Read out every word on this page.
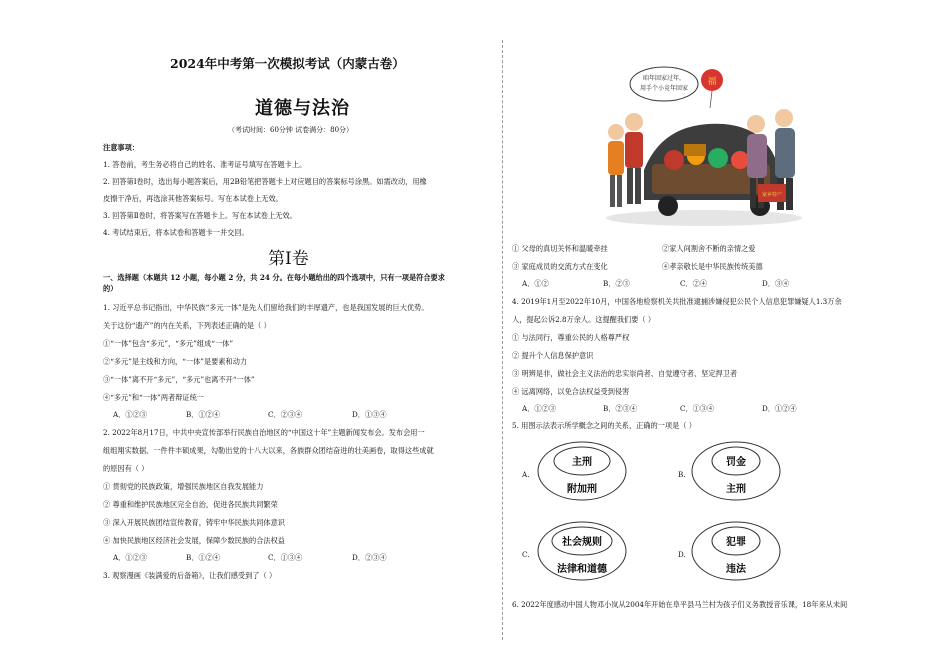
2024年中考第一次模拟考试（内蒙古卷）
道德与法治
（考试时间：60分钟 试卷满分：80分）
注意事项：
1. 答卷前，考生务必将自己的姓名、准考证号填写在答题卡上。
2. 回答第Ⅰ卷时，选出每小题答案后，用2B铅笔把答题卡上对应题目的答案标号涂黑。如需改动，用橡
皮擦干净后，再选涂其他答案标号。写在本试卷上无效。
3. 回答第Ⅱ卷时，将答案写在答题卡上。写在本试卷上无效。
4. 考试结束后，将本试卷和答题卡一并交回。
第Ⅰ卷
一、选择题（本题共 12 小题，每小题 2 分，共 24 分。在每小题给出的四个选项中，只有一项是符合要求
的）
1. 习近平总书记指出，中华民族“多元一体”是先人们留给我们的丰厚遗产，也是我国发展的巨大优势。
关于这份“遗产”的内在关系，下列表述正确的是（ ）
①“一体”包含“多元”，“多元”组成“一体”
②“多元”是主线和方向，“一体”是要素和动力
③“一体”离不开“多元”，“多元”也离不开“一体”
④“多元”和“一体”两者辩证统一
A．①②③	B．①②④	C．②③④	D．①③④
2. 2022年8月17日，中共中央宣传部举行民族自治地区的“中国这十年”主题新闻发布会。发布会用一
组组翔实数据、一件件丰硕成果，勾勒出党的十八大以来，各族群众团结奋进的壮美画卷，取得这些成就
的原因有（ ）
① 贯彻党的民族政策，增强民族地区自我发展能力
② 尊重和维护民族地区完全自治，促进各民族共同繁荣
③ 深入开展民族团结宣传教育，铸牢中华民族共同体意识
④ 加快民族地区经济社会发展，保障少数民族的合法权益
A．①②③	B．①②④	C．①③④	D．②③④
3. 观察漫画《装满爱的后备箱》，让我们感受到了（ ）
咱年回家过年，
用手个小竞年回家
福
家乡特产
① 父母的真切关怀和温暖牵挂	②家人间割舍不断的亲情之爱
③ 家庭成员的交流方式在变化	④孝亲敬长是中华民族传统美德
A．①②	B．②③	C．②④	D．③④
4. 2019年1月至2022年10月，中国各地检察机关共批准逮捕涉嫌侵犯公民个人信息犯罪嫌疑人1.3万余
人，提起公诉2.8万余人。这提醒我们要（ ）
① 与法同行，尊重公民的人格尊严权
② 提升个人信息保护意识
③ 明辨是非，做社会主义法治的忠实崇尚者、自觉遵守者、坚定捍卫者
④ 远离网络，以免合法权益受到侵害
A．①②③	B．②③④	C．①③④	D．①②④
5. 用图示法表示所学概念之间的关系，正确的一项是（ ）
A.
主刑
附加刑
B.
罚金
主刑
C.
社会规则
法律和道德
D.
犯罪
违法
6. 2022年度感动中国人物邓小岚从2004年开始在阜平县马兰村为孩子们义务教授音乐课，18年来从未间
